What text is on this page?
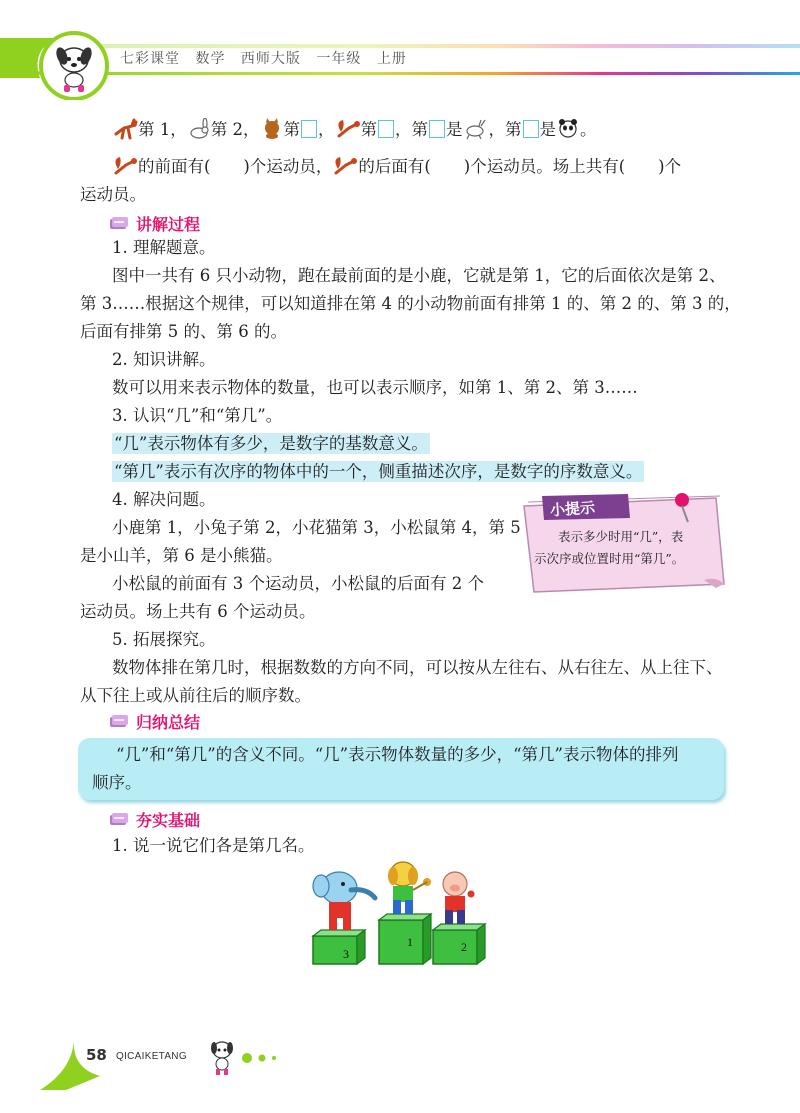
七彩课堂 数学 西师大版 一年级 上册
第 1， 第 2， 第 ， 第 ，第 是 ，第 是 。
的前面有(　　)个运动员， 的后面有(　　)个运动员。场上共有(　　)个
运动员。
讲解过程
1. 理解题意。
图中一共有 6 只小动物，跑在最前面的是小鹿，它就是第 1，它的后面依次是第 2、
第 3……根据这个规律，可以知道排在第 4 的小动物前面有排第 1 的、第 2 的、第 3 的，
后面有排第 5 的、第 6 的。
2. 知识讲解。
数可以用来表示物体的数量，也可以表示顺序，如第 1、第 2、第 3……
3. 认识“几”和“第几”。
“几”表示物体有多少，是数字的基数意义。
“第几”表示有次序的物体中的一个，侧重描述次序，是数字的序数意义。
4. 解决问题。
小鹿第 1，小兔子第 2，小花猫第 3，小松鼠第 4，第 5
是小山羊，第 6 是小熊猫。
小松鼠的前面有 3 个运动员，小松鼠的后面有 2 个
运动员。场上共有 6 个运动员。
小提示
表示多少时用“几”，表
示次序或位置时用“第几”。
5. 拓展探究。
数物体排在第几时，根据数数的方向不同，可以按从左往右、从右往左、从上往下、
从下往上或从前往后的顺序数。
归纳总结
“几”和“第几”的含义不同。“几”表示物体数量的多少，“第几”表示物体的排列
顺序。
夯实基础
1. 说一说它们各是第几名。
3
1	2
58 QICAIKETANG
